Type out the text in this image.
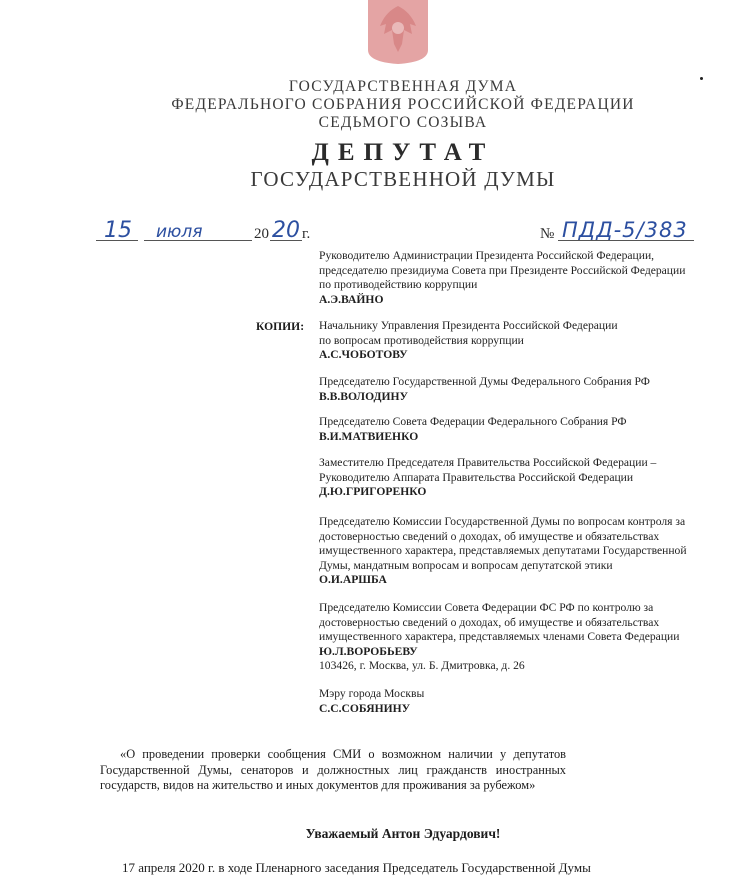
ГОСУДАРСТВЕННАЯ ДУМА
ФЕДЕРАЛЬНОГО СОБРАНИЯ РОССИЙСКОЙ ФЕДЕРАЦИИ
СЕДЬМОГО СОЗЫВА
ДЕПУТАТ
ГОСУДАРСТВЕННОЙ ДУМЫ
15 июля	20 20 г.	№ ПДД-5/383
Руководителю Администрации Президента Российской Федерации,
председателю президиума Совета при Президенте Российской Федерации
по противодействию коррупции
А.Э.ВАЙНО
КОПИИ: Начальнику Управления Президента Российской Федерации
по вопросам противодействия коррупции
А.С.ЧОБОТОВУ
Председателю Государственной Думы Федерального Собрания РФ
В.В.ВОЛОДИНУ
Председателю Совета Федерации Федерального Собрания РФ
В.И.МАТВИЕНКО
Заместителю Председателя Правительства Российской Федерации –
Руководителю Аппарата Правительства Российской Федерации
Д.Ю.ГРИГОРЕНКО
Председателю Комиссии Государственной Думы по вопросам контроля за
достоверностью сведений о доходах, об имуществе и обязательствах
имущественного характера, представляемых депутатами Государственной
Думы, мандатным вопросам и вопросам депутатской этики
О.И.АРШБА
Председателю Комиссии Совета Федерации ФС РФ по контролю за
достоверностью сведений о доходах, об имуществе и обязательствах
имущественного характера, представляемых членами Совета Федерации
Ю.Л.ВОРОБЬЕВУ
103426, г. Москва, ул. Б. Дмитровка, д. 26
Мэру города Москвы
С.С.СОБЯНИНУ
«О проведении проверки сообщения СМИ о возможном наличии у депутатов Государственной Думы, сенаторов и должностных лиц гражданств иностранных государств, видов на жительство и иных документов для проживания за рубежом»
Уважаемый Антон Эдуардович!
17 апреля 2020 г. в ходе Пленарного заседания Председатель Государственной Думы
